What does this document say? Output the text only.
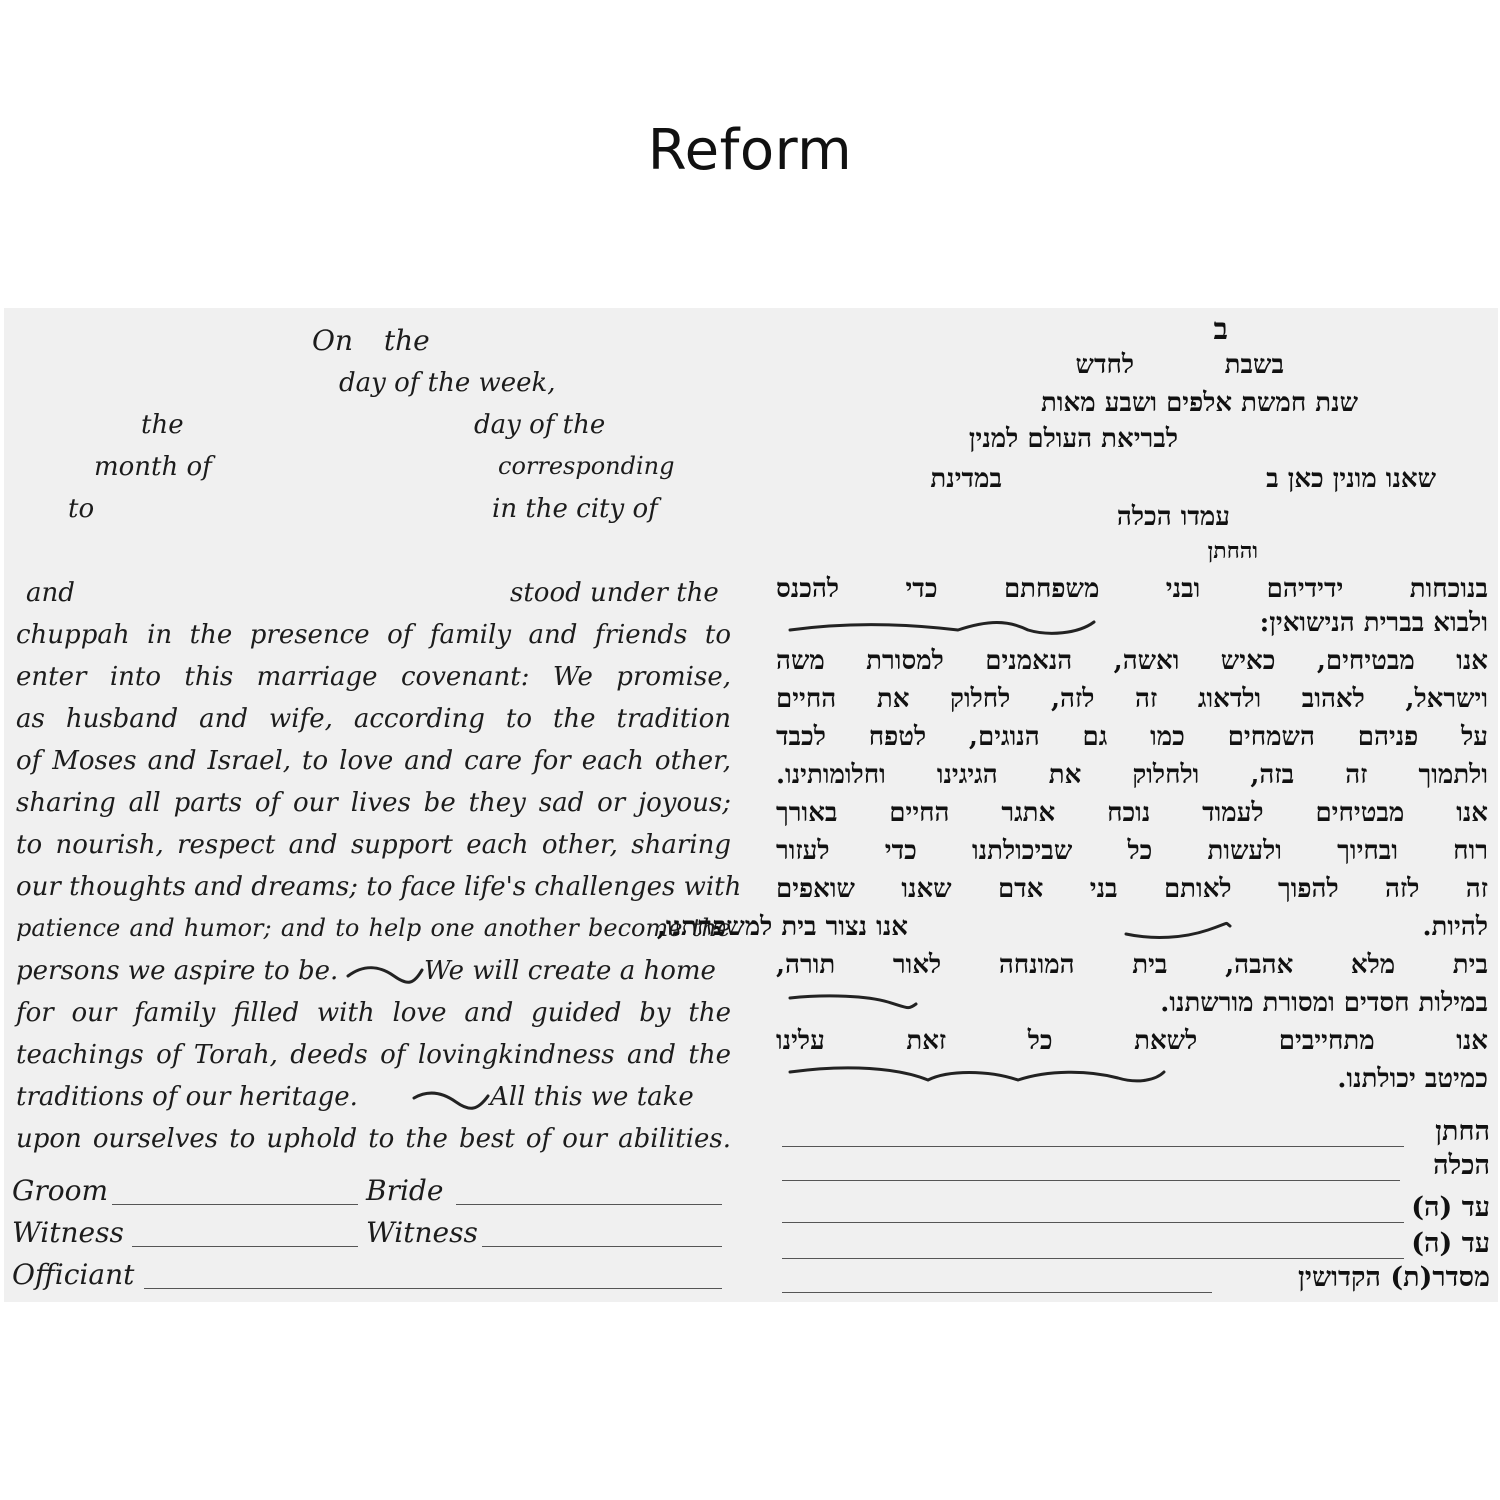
Reform
On the
day of the week,
the	day of the
month of	corresponding
to	in the city of
and	stood under the
chuppah in the presence of family and friends to
enter into this marriage covenant: We promise,
as husband and wife, according to the tradition
of Moses and Israel, to love and care for each other,
sharing all parts of our lives be they sad or joyous;
to nourish, respect and support each other, sharing
our thoughts and dreams; to face life's challenges with
patience and humor; and to help one another become the
persons we aspire to be.	We will create a home
for our family filled with love and guided by the
teachings of Torah, deeds of lovingkindness and the
traditions of our heritage.	All this we take
upon ourselves to uphold to the best of our abilities.
Groom	Bride
Witness	Witness
Officiant
ב
בשבת
לחדש
שנת חמשת אלפים ושבע מאות
לבריאת העולם למנין
שאנו מונין כאן ב
במדינת
עמדו הכלה
והחתן
בנוכחות ידידיהם ובני משפחתם כדי להכנס
ולבוא בברית הנישואין:
אנו מבטיחים, כאיש ואשה, הנאמנים למסורת משה
וישראל, לאהוב ולדאוג זה לזה, לחלוק את החיים
על פניהם השמחים כמו גם הנוגים, לטפח לכבד
ולתמוך זה בזה, ולחלוק את הגיגינו וחלומותינו.
אנו מבטיחים לעמוד נוכח אתגר החיים באורך
רוח ובחיוך ולעשות כל שביכולתנו כדי לעזור
זה לזה להפוך לאותם בני אדם שאנו שואפים
להיות.
אנו נצור בית למשפחתנו,
בית מלא אהבה, בית המונחה לאור תורה,
במילות חסדים ומסורת מורשתנו.
אנו מתחייבים לשאת כל זאת עלינו
כמיטב יכולתנו.
החתן
הכלה
עד (ה)
עד (ה)
מסדר(ת) הקדושין
